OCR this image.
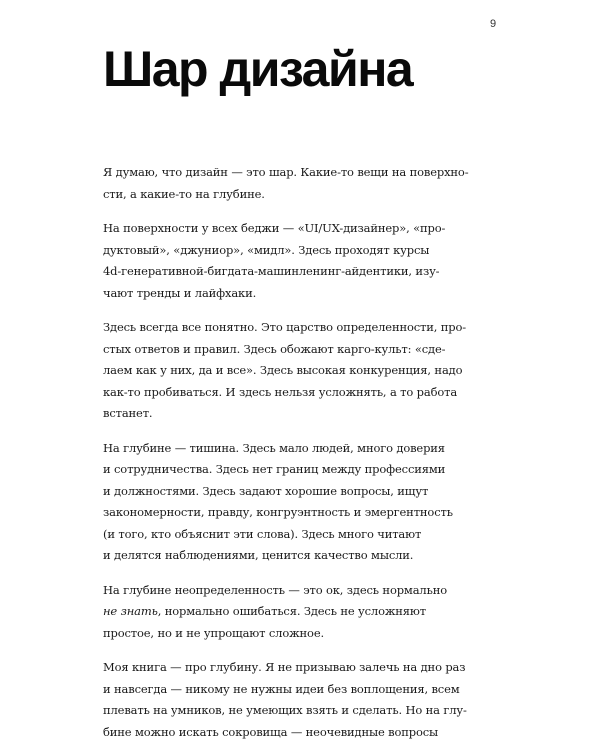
9
Шар дизайна

Я думаю, что дизайн — это шар. Какие-то вещи на поверхно-
сти, а какие-то на глубине.

На поверхности у всех беджи — «UI/UX-дизайнер», «про-
дуктовый», «джуниор», «мидл». Здесь проходят курсы
4d-генеративной-бигдата-машинленинг-айдентики, изу-
чают тренды и лайфхаки.

Здесь всегда все понятно. Это царство определенности, про-
стых ответов и правил. Здесь обожают карго-культ: «сде-
лаем как у них, да и все». Здесь высокая конкуренция, надо
как-то пробиваться. И здесь нельзя усложнять, а то работа
встанет.

На глубине — тишина. Здесь мало людей, много доверия
и сотрудничества. Здесь нет границ между профессиями
и должностями. Здесь задают хорошие вопросы, ищут
закономерности, правду, конгруэнтность и эмергентность
(и того, кто объяснит эти слова). Здесь много читают
и делятся наблюдениями, ценится качество мысли.

На глубине неопределенность — это ок, здесь нормально
не знать, нормально ошибаться. Здесь не усложняют
простое, но и не упрощают сложное.

Моя книга — про глубину. Я не призываю залечь на дно раз
и навсегда — никому не нужны идеи без воплощения, всем
плевать на умников, не умеющих взять и сделать. Но на глу-
бине можно искать сокровища — неочевидные вопросы
